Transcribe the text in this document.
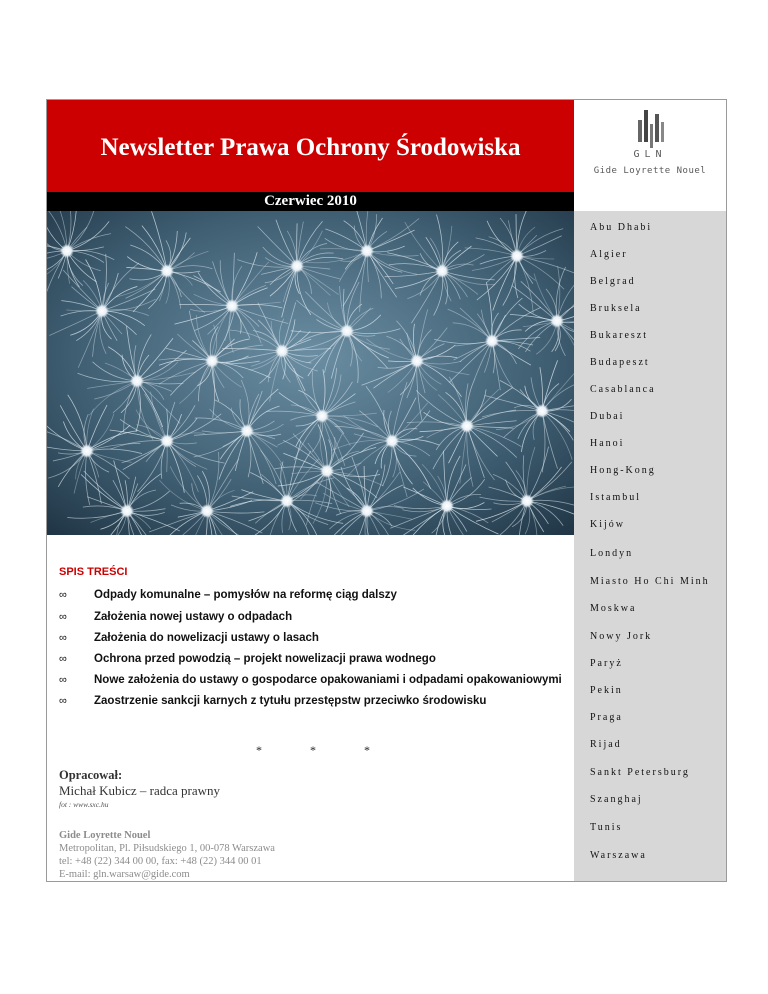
Newsletter Prawa Ochrony Środowiska
Czerwiec 2010
GLN
Gide Loyrette Nouel
Abu Dhabi
Algier
Belgrad
Bruksela
Bukareszt
Budapeszt
Casablanca
Dubai
Hanoi
Hong-Kong
Istambul
Kijów
Londyn
Miasto Ho Chi Minh
Moskwa
Nowy Jork
Paryż
Pekin
Praga
Rijad
Sankt Petersburg
Szanghaj
Tunis
Warszawa
SPIS TREŚCI
∞ Odpady komunalne – pomysłów na reformę ciąg dalszy
∞ Założenia nowej ustawy o odpadach
∞ Założenia do nowelizacji ustawy o lasach
∞ Ochrona przed powodzią – projekt nowelizacji prawa wodnego
∞ Nowe założenia do ustawy o gospodarce opakowaniami i odpadami opakowaniowymi
∞ Zaostrzenie sankcji karnych z tytułu przestępstw przeciwko środowisku
*	*	*
Opracował:
Michał Kubicz – radca prawny
fot : www.sxc.hu
Gide Loyrette Nouel
Metropolitan, Pl. Piłsudskiego 1, 00-078 Warszawa
tel: +48 (22) 344 00 00, fax: +48 (22) 344 00 01
E-mail: gln.warsaw@gide.com
